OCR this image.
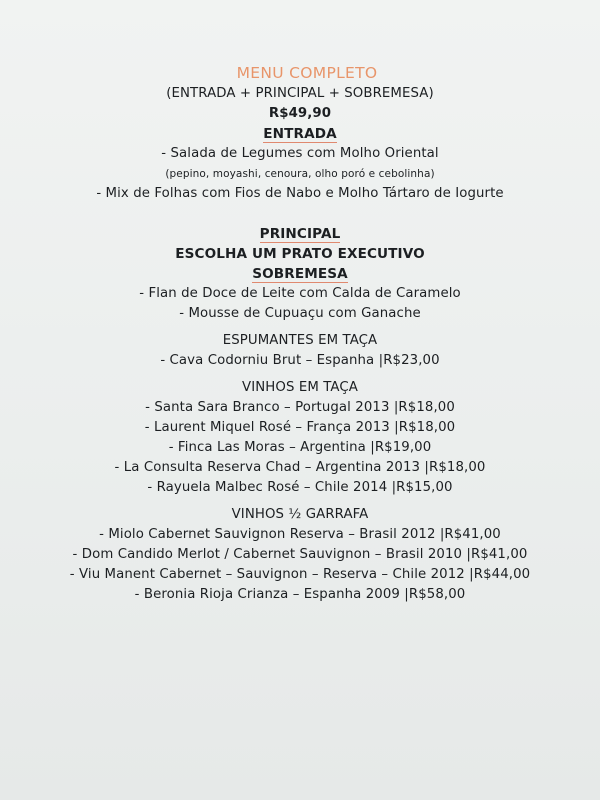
MENU COMPLETO
(ENTRADA + PRINCIPAL + SOBREMESA)
R$49,90
ENTRADA
- Salada de Legumes com Molho Oriental
(pepino, moyashi, cenoura, olho poró e cebolinha)
- Mix de Folhas com Fios de Nabo e Molho Tártaro de Iogurte
PRINCIPAL
ESCOLHA UM PRATO EXECUTIVO
SOBREMESA
- Flan de Doce de Leite com Calda de Caramelo
- Mousse de Cupuaçu com Ganache
ESPUMANTES EM TAÇA
- Cava Codorniu Brut – Espanha |R$23,00
VINHOS EM TAÇA
- Santa Sara Branco – Portugal 2013 |R$18,00
- Laurent Miquel Rosé – França 2013 |R$18,00
- Finca Las Moras – Argentina |R$19,00
- La Consulta Reserva Chad – Argentina 2013 |R$18,00
- Rayuela Malbec Rosé – Chile 2014 |R$15,00
VINHOS ½ GARRAFA
- Miolo Cabernet Sauvignon Reserva – Brasil 2012 |R$41,00
- Dom Candido Merlot / Cabernet Sauvignon – Brasil 2010 |R$41,00
- Viu Manent Cabernet – Sauvignon – Reserva – Chile 2012 |R$44,00
- Beronia Rioja Crianza – Espanha 2009 |R$58,00
